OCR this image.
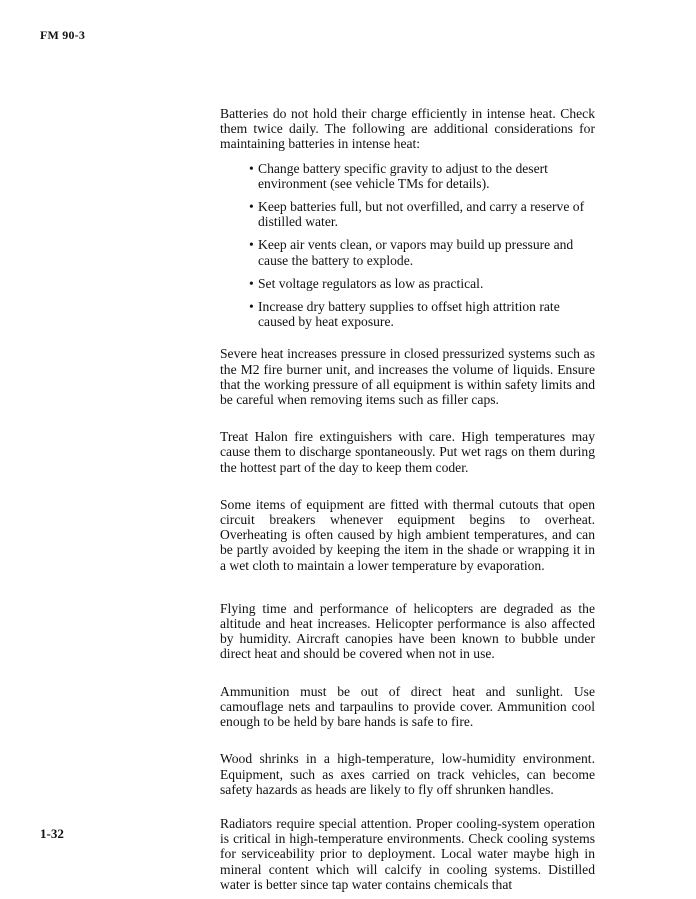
FM 90-3

Batteries do not hold their charge efficiently in intense heat. Check them twice daily. The following are additional considerations for maintaining batteries in intense heat:

• Change battery specific gravity to adjust to the desert environment (see vehicle TMs for details).
• Keep batteries full, but not overfilled, and carry a reserve of distilled water.
• Keep air vents clean, or vapors may build up pressure and cause the battery to explode.
• Set voltage regulators as low as practical.
• Increase dry battery supplies to offset high attrition rate caused by heat exposure.

Severe heat increases pressure in closed pressurized systems such as the M2 fire burner unit, and increases the volume of liquids. Ensure that the working pressure of all equipment is within safety limits and be careful when removing items such as filler caps.

Treat Halon fire extinguishers with care. High temperatures may cause them to discharge spontaneously. Put wet rags on them during the hottest part of the day to keep them coder.

Some items of equipment are fitted with thermal cutouts that open circuit breakers whenever equipment begins to overheat. Overheating is often caused by high ambient temperatures, and can be partly avoided by keeping the item in the shade or wrapping it in a wet cloth to maintain a lower temperature by evaporation.

Flying time and performance of helicopters are degraded as the altitude and heat increases. Helicopter performance is also affected by humidity. Aircraft canopies have been known to bubble under direct heat and should be covered when not in use.

Ammunition must be out of direct heat and sunlight. Use camouflage nets and tarpaulins to provide cover. Ammunition cool enough to be held by bare hands is safe to fire.

Wood shrinks in a high-temperature, low-humidity environment. Equipment, such as axes carried on track vehicles, can become safety hazards as heads are likely to fly off shrunken handles.

Radiators require special attention. Proper cooling-system operation is critical in high-temperature environments. Check cooling systems for serviceability prior to deployment. Local water maybe high in mineral content which will calcify in cooling systems. Distilled water is better since tap water contains chemicals that

1-32
